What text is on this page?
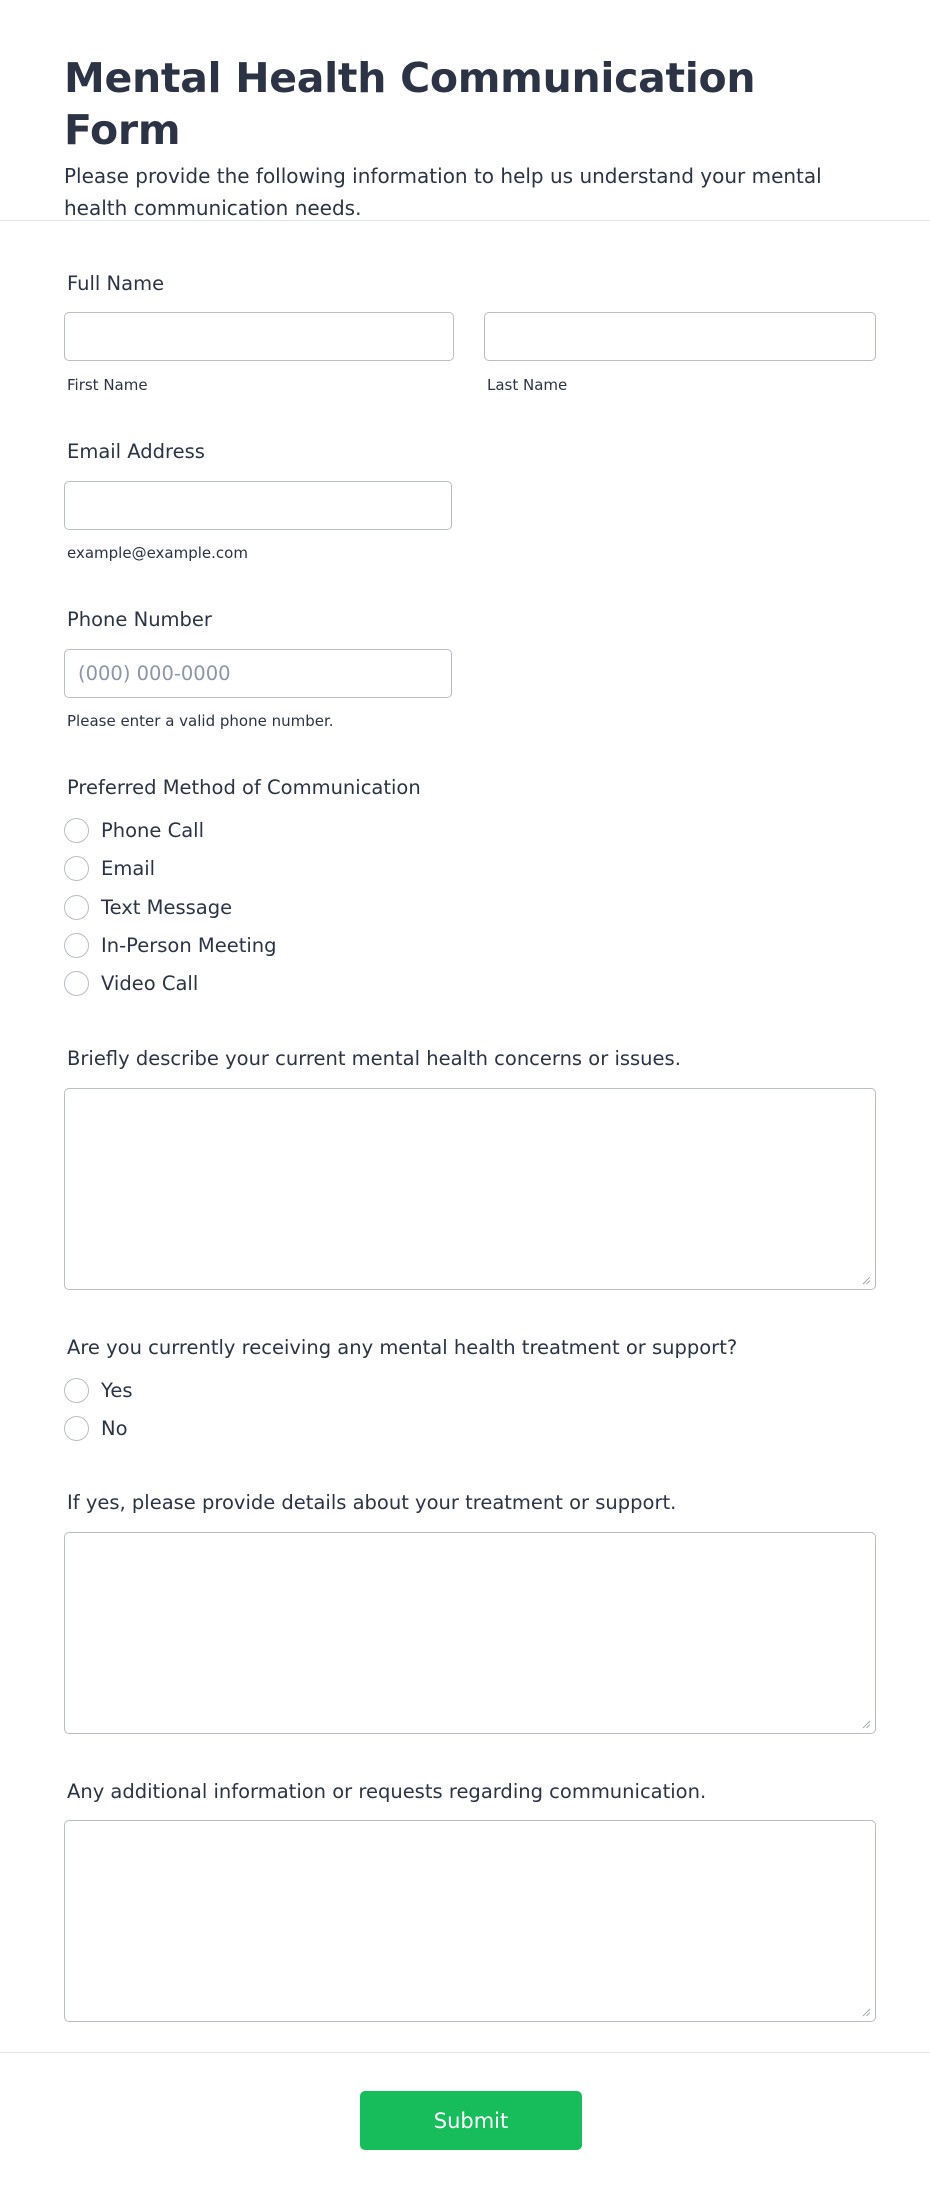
Mental Health Communication Form

Please provide the following information to help us understand your mental health communication needs.

Full Name
First Name	Last Name
Email Address
example@example.com
Phone Number
(000) 000-0000
Please enter a valid phone number.
Preferred Method of Communication
Phone Call
Email
Text Message
In-Person Meeting
Video Call
Briefly describe your current mental health concerns or issues.
Are you currently receiving any mental health treatment or support?
Yes
No
If yes, please provide details about your treatment or support.
Any additional information or requests regarding communication.
Submit
